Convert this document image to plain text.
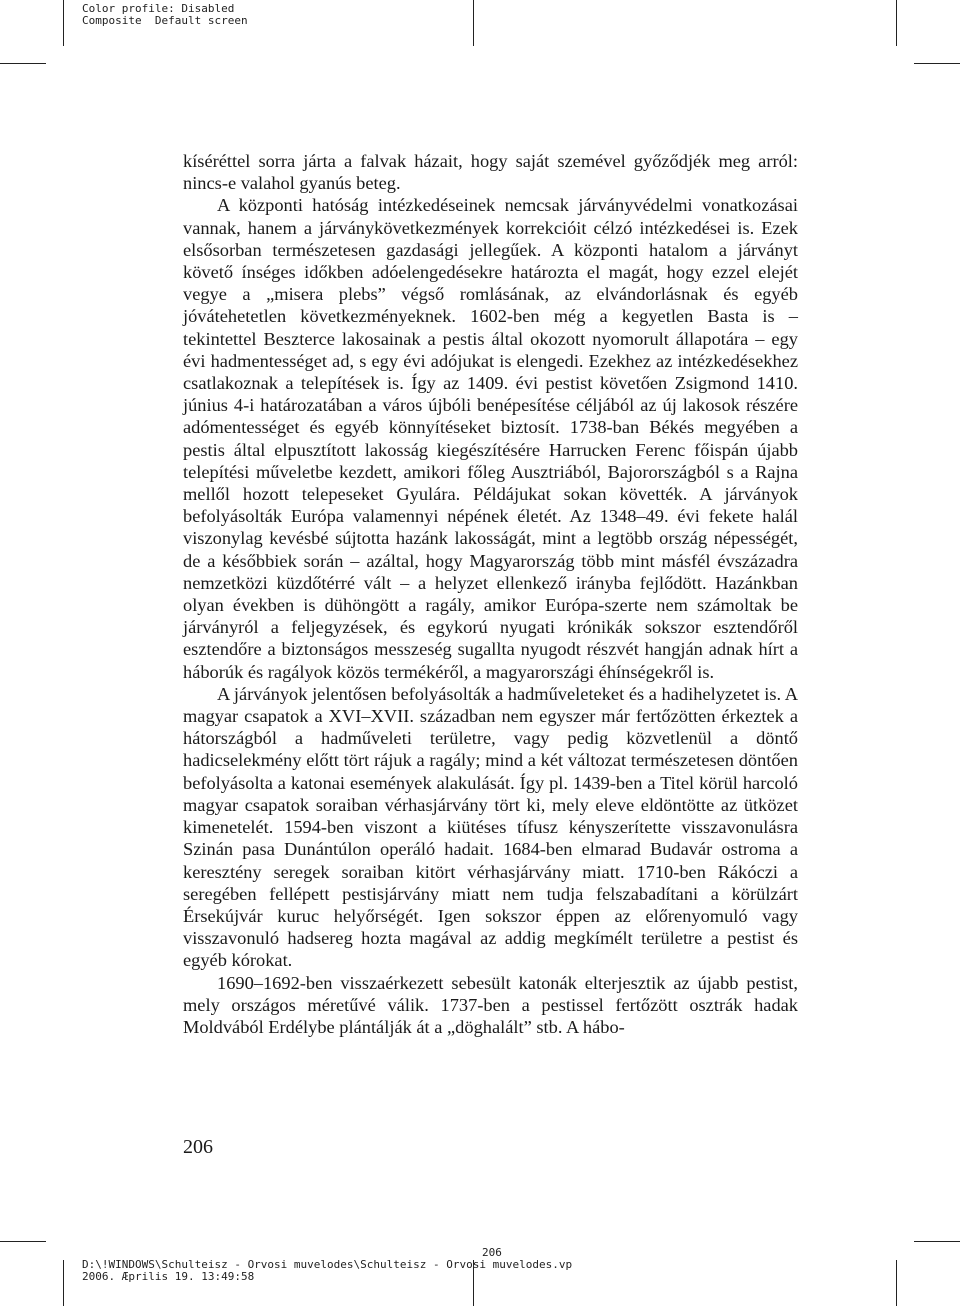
Color profile: Disabled
Composite  Default screen

kíséréttel sorra járta a falvak házait, hogy saját szemével győződjék meg arról: nincs-e valahol gyanús beteg.

A központi hatóság intézkedéseinek nemcsak járványvédelmi vonatkozásai vannak, hanem a járványkövetkezmények korrekcióit célzó intézkedései is. Ezek elsősorban természetesen gazdasági jellegűek. A központi hatalom a járványt követő ínséges időkben adóelengedésekre határozta el magát, hogy ezzel elejét vegye a „misera plebs” végső romlásának, az elvándorlásnak és egyéb jóvátehetetlen következményeknek. 1602-ben még a kegyetlen Basta is – tekintettel Beszterce lakosainak a pestis által okozott nyomorult állapotára – egy évi hadmentességet ad, s egy évi adójukat is elengedi. Ezekhez az intézkedésekhez csatlakoznak a telepítések is. Így az 1409. évi pestist követően Zsigmond 1410. június 4-i határozatában a város újbóli benépesítése céljából az új lakosok részére adómentességet és egyéb könnyítéseket biztosít. 1738-ban Békés megyében a pestis által elpusztított lakosság kiegészítésére Harrucken Ferenc főispán újabb telepítési műveletbe kezdett, amikori főleg Ausztriából, Bajorországból s a Rajna mellől hozott telepeseket Gyulára. Példájukat sokan követték. A járványok befolyásolták Európa valamennyi népének életét. Az 1348–49. évi fekete halál viszonylag kevésbé sújtotta hazánk lakosságát, mint a legtöbb ország népességét, de a későbbiek során – azáltal, hogy Magyarország több mint másfél évszázadra nemzetközi küzdőtérré vált – a helyzet ellenkező irányba fejlődött. Hazánkban olyan években is dühöngött a ragály, amikor Európa-szerte nem számoltak be járványról a feljegyzések, és egykorú nyugati krónikák sokszor esztendőről esztendőre a biztonságos messzeség sugallta nyugodt részvét hangján adnak hírt a háborúk és ragályok közös termékéről, a magyarországi éhínségekről is.

A járványok jelentősen befolyásolták a hadműveleteket és a hadihelyzetet is. A magyar csapatok a XVI–XVII. században nem egyszer már fertőzötten érkeztek a hátországból a hadműveleti területre, vagy pedig közvetlenül a döntő hadicselekmény előtt tört rájuk a ragály; mind a két változat természetesen döntően befolyásolta a katonai események alakulását. Így pl. 1439-ben a Titel körül harcoló magyar csapatok soraiban vérhasjárvány tört ki, mely eleve eldöntötte az ütközet kimenetelét. 1594-ben viszont a kiütéses tífusz kényszerítette visszavonulásra Szinán pasa Dunántúlon operáló hadait. 1684-ben elmarad Budavár ostroma a keresztény seregek soraiban kitört vérhasjárvány miatt. 1710-ben Rákóczi a seregében fellépett pestisjárvány miatt nem tudja felszabadítani a körülzárt Érsekújvár kuruc helyőrségét. Igen sokszor éppen az előrenyomuló vagy visszavonuló hadsereg hozta magával az addig megkímélt területre a pestist és egyéb kórokat.

1690–1692-ben visszaérkezett sebesült katonák elterjesztik az újabb pestist, mely országos méretűvé válik. 1737-ben a pestissel fertőzött osztrák hadak Moldvából Erdélybe plántálják át a „döghalált” stb. A hábo-

206
206
D:\!WINDOWS\Schulteisz - Orvosi muvelodes\Schulteisz - Orvosi muvelodes.vp
2006. Æprilis 19. 13:49:58
